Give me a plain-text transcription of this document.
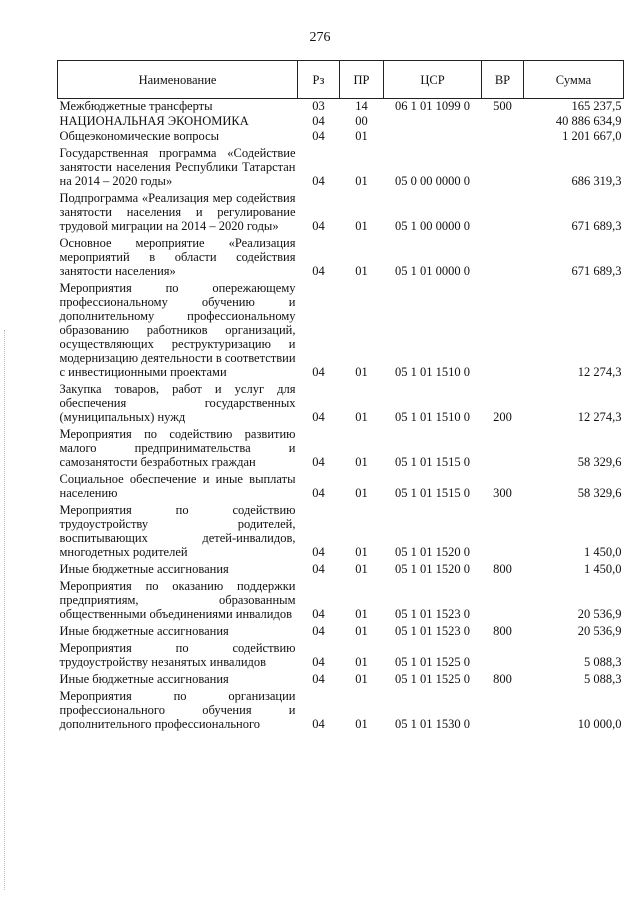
276
Наименование	Рз	ПР	ЦСР	ВР	Сумма
Межбюджетные трансферты	03	14	06 1 01 1099 0	500	165 237,5
НАЦИОНАЛЬНАЯ ЭКОНОМИКА	04	00			40 886 634,9
Общеэкономические вопросы	04	01			1 201 667,0
Государственная программа «Содействие занятости населения Республики Татарстан на 2014 – 2020 годы»	04	01	05 0 00 0000 0		686 319,3
Подпрограмма «Реализация мер содействия занятости населения и регулирование трудовой миграции на 2014 – 2020 годы»	04	01	05 1 00 0000 0		671 689,3
Основное мероприятие «Реализация мероприятий в области содействия занятости населения»	04	01	05 1 01 0000 0		671 689,3
Мероприятия по опережающему профессиональному обучению и дополнительному профессиональному образованию работников организаций, осуществляющих реструктуризацию и модернизацию деятельности в соответствии с инвестиционными проектами	04	01	05 1 01 1510 0		12 274,3
Закупка товаров, работ и услуг для обеспечения государственных (муниципальных) нужд	04	01	05 1 01 1510 0	200	12 274,3
Мероприятия по содействию развитию малого предпринимательства и самозанятости безработных граждан	04	01	05 1 01 1515 0		58 329,6
Социальное обеспечение и иные выплаты населению	04	01	05 1 01 1515 0	300	58 329,6
Мероприятия по содействию трудоустройству родителей, воспитывающих детей-инвалидов, многодетных родителей	04	01	05 1 01 1520 0		1 450,0
Иные бюджетные ассигнования	04	01	05 1 01 1520 0	800	1 450,0
Мероприятия по оказанию поддержки предприятиям, образованным общественными объединениями инвалидов	04	01	05 1 01 1523 0		20 536,9
Иные бюджетные ассигнования	04	01	05 1 01 1523 0	800	20 536,9
Мероприятия по содействию трудоустройству незанятых инвалидов	04	01	05 1 01 1525 0		5 088,3
Иные бюджетные ассигнования	04	01	05 1 01 1525 0	800	5 088,3
Мероприятия по организации профессионального обучения и дополнительного профессионального	04	01	05 1 01 1530 0		10 000,0
